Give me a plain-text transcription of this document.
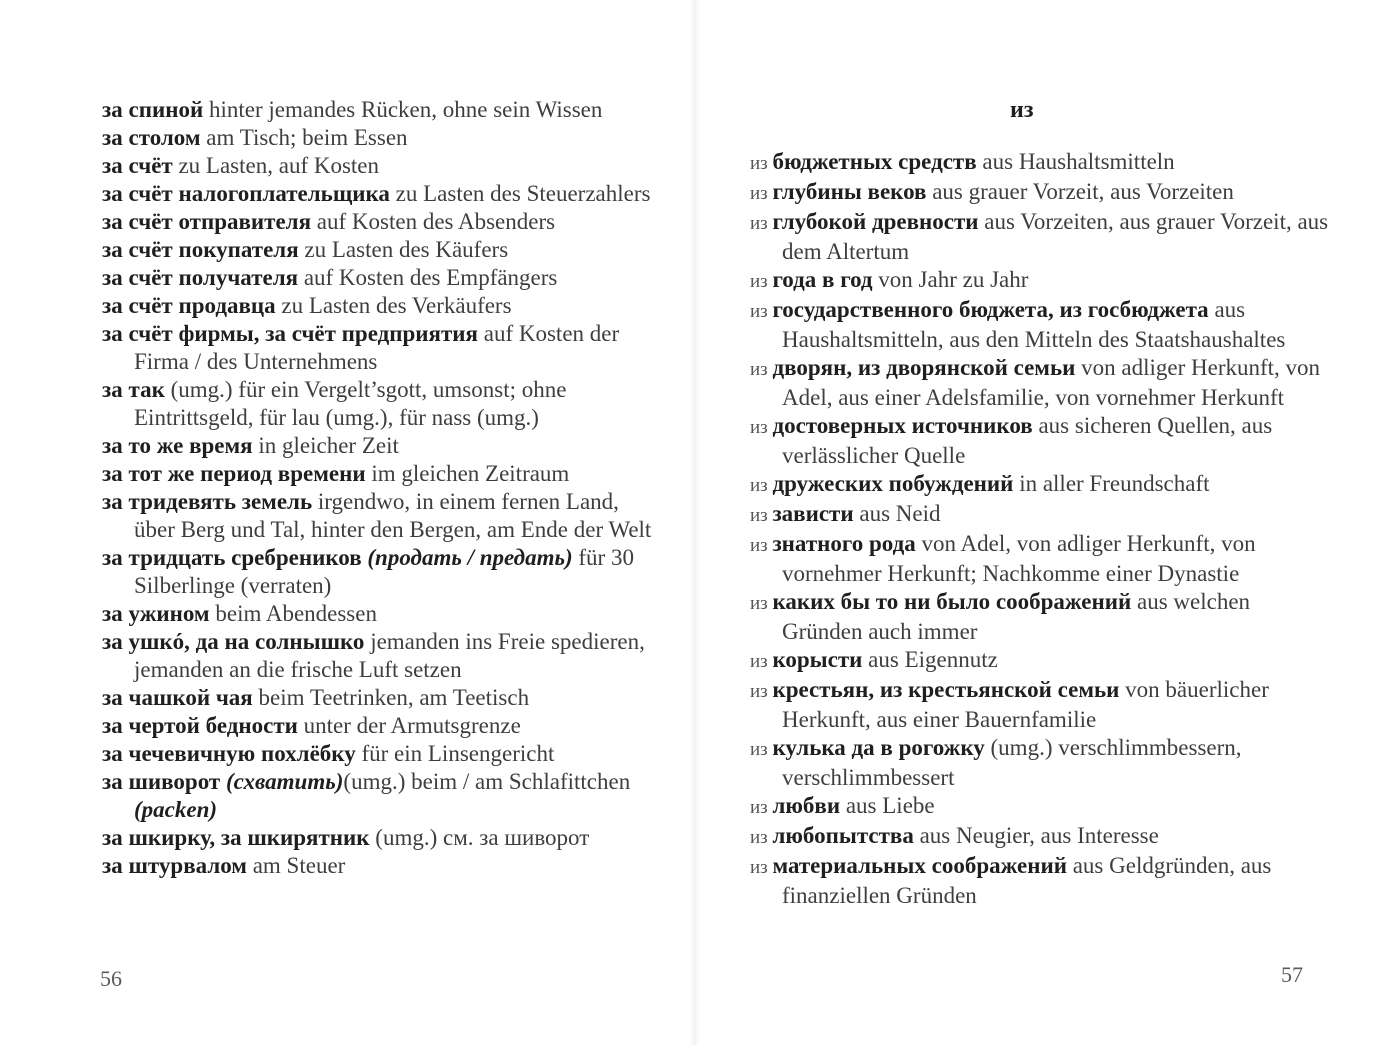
за спиной hinter jemandes Rücken, ohne sein Wissen
за столом am Tisch; beim Essen
за счёт zu Lasten, auf Kosten
за счёт налогоплательщика zu Lasten des Steuerzahlers
за счёт отправителя auf Kosten des Absenders
за счёт покупателя zu Lasten des Käufers
за счёт получателя auf Kosten des Empfängers
за счёт продавца zu Lasten des Verkäufers
за счёт фирмы, за счёт предприятия auf Kosten der Firma / des Unternehmens
за так (umg.) für ein Vergelt’sgott, umsonst; ohne Eintrittsgeld, für lau (umg.), für nass (umg.)
за то же время in gleicher Zeit
за тот же период времени im gleichen Zeitraum
за тридевять земель irgendwo, in einem fernen Land, über Berg und Tal, hinter den Bergen, am Ende der Welt
за тридцать сребреников (продать / предать) für 30 Silberlinge (verraten)
за ужином beim Abendessen
за ушкó, да на солнышко jemanden ins Freie spedieren, jemanden an die frische Luft setzen
за чашкой чая beim Teetrinken, am Teetisch
за чертой бедности unter der Armutsgrenze
за чечевичную похлёбку für ein Linsengericht
за шиворот (схватить)(umg.) beim / am Schlafittchen (packen)
за шкирку, за шкирятник (umg.) см. за шиворот
за штурвалом am Steuer
56
из
из бюджетных средств aus Haushaltsmitteln
из глубины веков aus grauer Vorzeit, aus Vorzeiten
из глубокой древности aus Vorzeiten, aus grauer Vorzeit, aus dem Altertum
из года в год von Jahr zu Jahr
из государственного бюджета, из госбюджета aus Haushaltsmitteln, aus den Mitteln des Staatshaushaltes
из дворян, из дворянской семьи von adliger Herkunft, von Adel, aus einer Adelsfamilie, von vornehmer Herkunft
из достоверных источников aus sicheren Quellen, aus verlässlicher Quelle
из дружеских побуждений in aller Freundschaft
из зависти aus Neid
из знатного рода von Adel, von adliger Herkunft, von vornehmer Herkunft; Nachkomme einer Dynastie
из каких бы то ни было соображений aus welchen Gründen auch immer
из корысти aus Eigennutz
из крестьян, из крестьянской семьи von bäuerlicher Herkunft, aus einer Bauernfamilie
из кулька да в рогожку (umg.) verschlimmbessern, verschlimmbessert
из любви aus Liebe
из любопытства aus Neugier, aus Interesse
из материальных соображений aus Geldgründen, aus finanziellen Gründen
57
